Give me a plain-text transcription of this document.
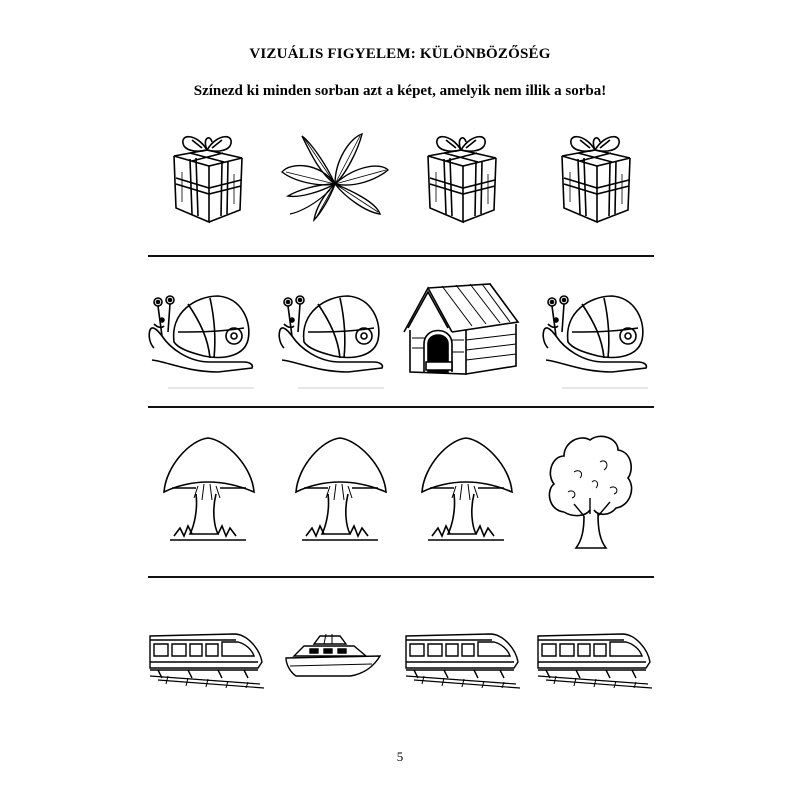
VIZUÁLIS FIGYELEM: KÜLÖNBÖZŐSÉG
Színezd ki minden sorban azt a képet, amelyik nem illik a sorba!
5
